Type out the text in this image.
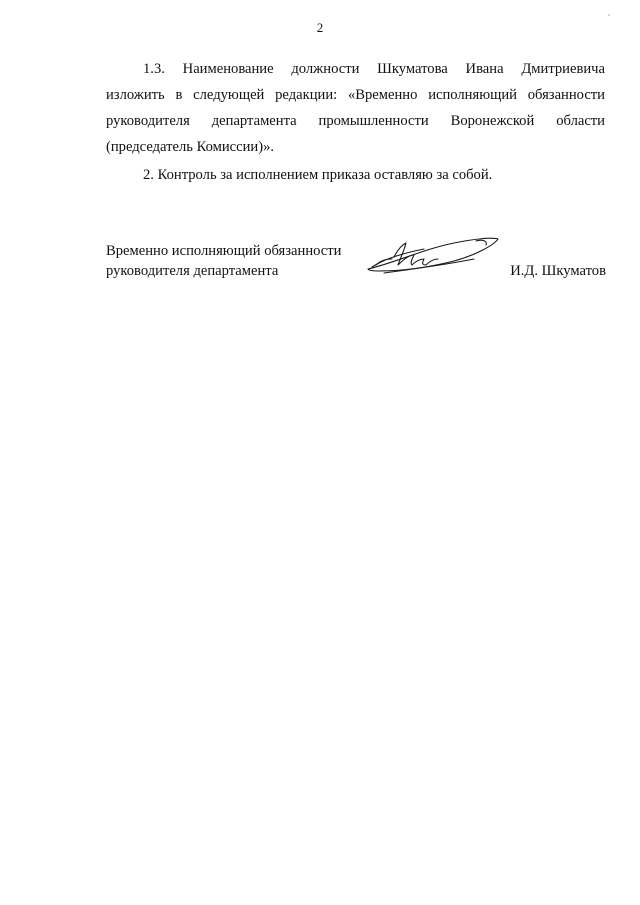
2

1.3. Наименование должности Шкуматова Ивана Дмитриевича
изложить в следующей редакции: «Временно исполняющий обязанности
руководителя департамента промышленности Воронежской области
(председатель Комиссии)».

2. Контроль за исполнением приказа оставляю за собой.

Временно исполняющий обязанности
руководителя департамента	И.Д. Шкуматов
